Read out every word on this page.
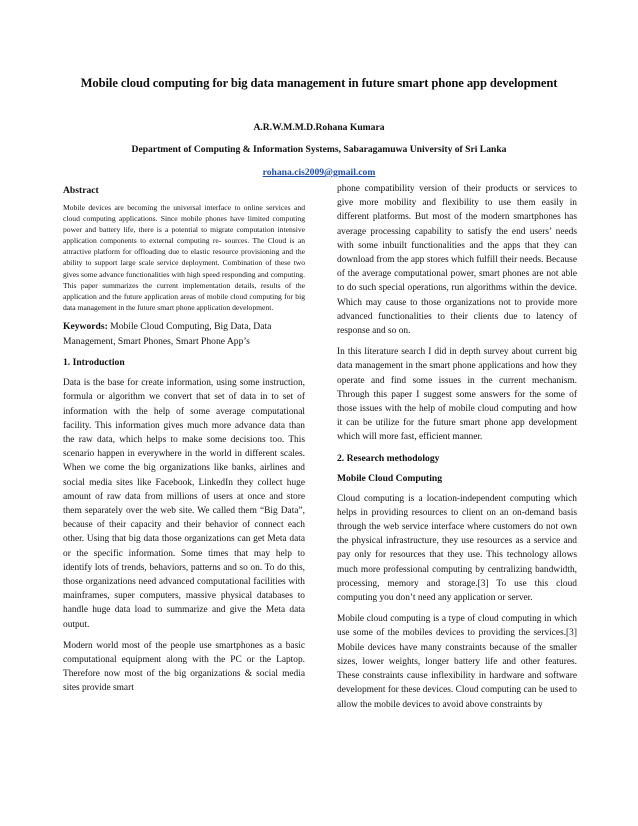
Mobile cloud computing for big data management in future smart phone app development
A.R.W.M.M.D.Rohana Kumara
Department of Computing & Information Systems, Sabaragamuwa University of Sri Lanka
rohana.cis2009@gmail.com
Abstract

Mobile devices are becoming the universal interface to online services and cloud computing applications. Since mobile phones have limited computing power and battery life, there is a potential to migrate computation intensive application components to external computing re- sources. The Cloud is an attractive platform for offloading due to elastic resource provisioning and the ability to support large scale service deployment. Combination of these two gives some advance functionalities with high speed responding and computing. This paper summarizes the current implementation details, results of the application and the future application areas of mobile cloud computing for big data management in the future smart phone application development.

Keywords: Mobile Cloud Computing, Big Data, Data Management, Smart Phones, Smart Phone App’s

1. Introduction

Data is the base for create information, using some instruction, formula or algorithm we convert that set of data in to set of information with the help of some average computational facility. This information gives much more advance data than the raw data, which helps to make some decisions too. This scenario happen in everywhere in the world in different scales. When we come the big organizations like banks, airlines and social media sites like Facebook, LinkedIn they collect huge amount of raw data from millions of users at once and store them separately over the web site. We called them “Big Data”, because of their capacity and their behavior of connect each other. Using that big data those organizations can get Meta data or the specific information. Some times that may help to identify lots of trends, behaviors, patterns and so on. To do this, those organizations need advanced computational facilities with mainframes, super computers, massive physical databases to handle huge data load to summarize and give the Meta data output.

Modern world most of the people use smartphones as a basic computational equipment along with the PC or the Laptop. Therefore now most of the big organizations & social media sites provide smart

phone compatibility version of their products or services to give more mobility and flexibility to use them easily in different platforms. But most of the modern smartphones has average processing capability to satisfy the end users’ needs with some inbuilt functionalities and the apps that they can download from the app stores which fulfill their needs. Because of the average computational power, smart phones are not able to do such special operations, run algorithms within the device. Which may cause to those organizations not to provide more advanced functionalities to their clients due to latency of response and so on.

In this literature search I did in depth survey about current big data management in the smart phone applications and how they operate and find some issues in the current mechanism. Through this paper I suggest some answers for the some of those issues with the help of mobile cloud computing and how it can be utilize for the future smart phone app development which will more fast, efficient manner.

2. Research methodology
Mobile Cloud Computing

Cloud computing is a location-independent computing which helps in providing resources to client on an on-demand basis through the web service interface where customers do not own the physical infrastructure, they use resources as a service and pay only for resources that they use. This technology allows much more professional computing by centralizing bandwidth, processing, memory and storage.[3] To use this cloud computing you don’t need any application or server.

Mobile cloud computing is a type of cloud computing in which use some of the mobiles devices to providing the services.[3] Mobile devices have many constraints because of the smaller sizes, lower weights, longer battery life and other features. These constraints cause inflexibility in hardware and software development for these devices. Cloud computing can be used to allow the mobile devices to avoid above constraints by
